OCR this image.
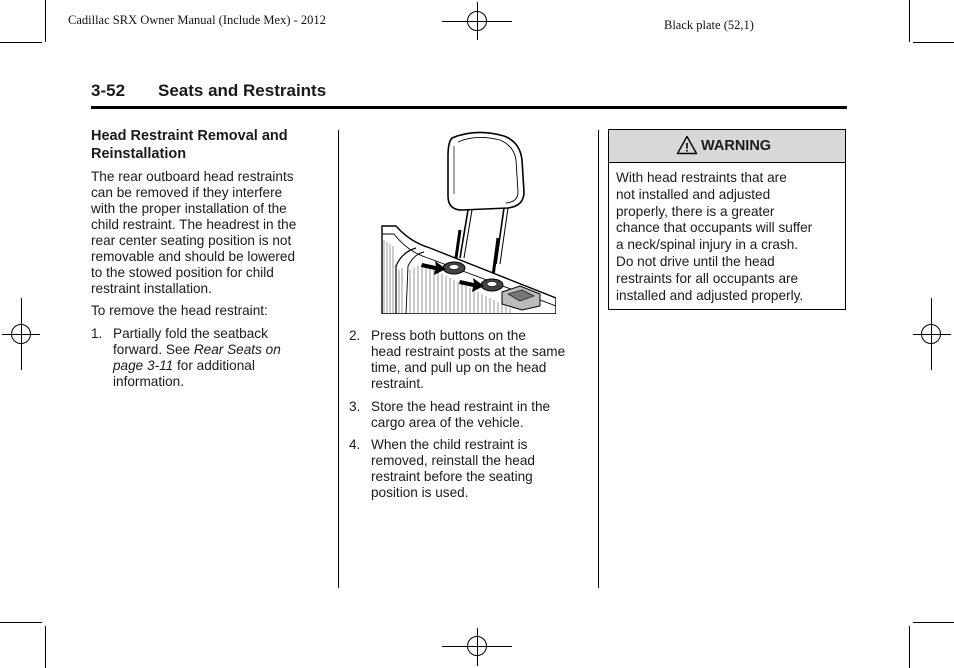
Cadillac SRX Owner Manual (Include Mex) - 2012	Black plate (52,1)
3-52 Seats and Restraints
Head Restraint Removal and
Reinstallation
The rear outboard head restraints
can be removed if they interfere
with the proper installation of the
child restraint. The headrest in the
rear center seating position is not
removable and should be lowered
to the stowed position for child
restraint installation.
To remove the head restraint:
1. Partially fold the seatback
forward. See Rear Seats on
page 3-11 for additional
information.
2. Press both buttons on the
head restraint posts at the same
time, and pull up on the head
restraint.
3. Store the head restraint in the
cargo area of the vehicle.
4. When the child restraint is
removed, reinstall the head
restraint before the seating
position is used.
! WARNING
With head restraints that are
not installed and adjusted
properly, there is a greater
chance that occupants will suffer
a neck/spinal injury in a crash.
Do not drive until the head
restraints for all occupants are
installed and adjusted properly.
